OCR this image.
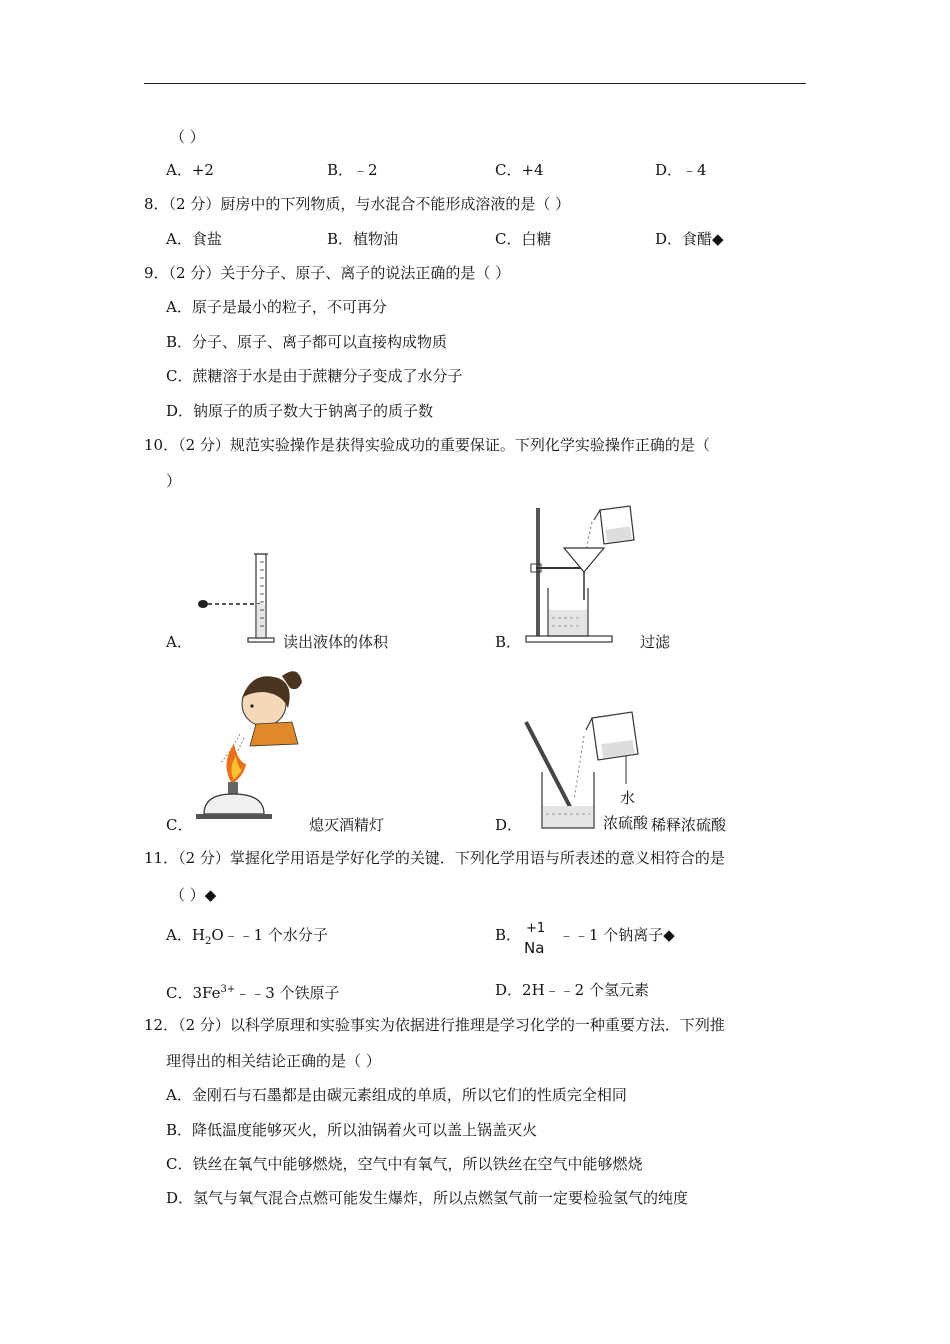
（ ）
A．+2	B．﹣2	C．+4	D．﹣4
8．（2 分）厨房中的下列物质，与水混合不能形成溶液的是（ ）
A．食盐	B．植物油	C．白糖	D．食醋◆
9．（2 分）关于分子、原子、离子的说法正确的是（ ）
A．原子是最小的粒子，不可再分
B．分子、原子、离子都可以直接构成物质
C．蔗糖溶于水是由于蔗糖分子变成了水分子
D．钠原子的质子数大于钠离子的质子数
10．（2 分）规范实验操作是获得实验成功的重要保证。下列化学实验操作正确的是（
）
A．	读出液体的体积	B．	过滤
C．	熄灭酒精灯
水
浓硫酸
D．	稀释浓硫酸
11．（2 分）掌握化学用语是学好化学的关键．下列化学用语与所表述的意义相符合的是
（ ）◆
A．$H_2O﹣﹣1$ 个水分子	B． +1
Na
﹣﹣1 个钠离子◆
C．$3Fe^{3+}﹣﹣3$ 个铁原子	D．2H﹣﹣2 个氢元素
12．（2 分）以科学原理和实验事实为依据进行推理是学习化学的一种重要方法．下列推
理得出的相关结论正确的是（ ）
A．金刚石与石墨都是由碳元素组成的单质，所以它们的性质完全相同
B．降低温度能够灭火，所以油锅着火可以盖上锅盖灭火
C．铁丝在氧气中能够燃烧，空气中有氧气，所以铁丝在空气中能够燃烧
D．氢气与氧气混合点燃可能发生爆炸，所以点燃氢气前一定要检验氢气的纯度
